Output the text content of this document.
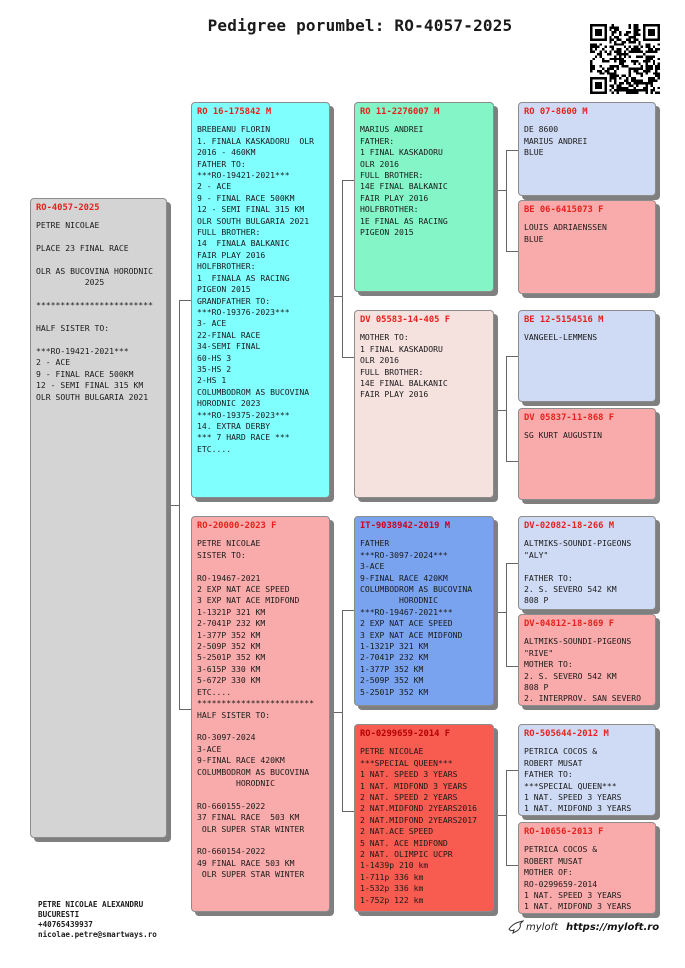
Pedigree porumbel: RO-4057-2025
RO-4057-2025
PETRE NICOLAE

PLACE 23 FINAL RACE

OLR AS BUCOVINA HORODNIC
2025

************************

HALF SISTER TO:

***RO-19421-2021***
2 - ACE
9 - FINAL RACE 500KM
12 - SEMI FINAL 315 KM
OLR SOUTH BULGARIA 2021
RO 16-175842 M
BREBEANU FLORIN
1. FINALA KASKADORU  OLR
2016 - 460KM
FATHER TO:
***RO-19421-2021***
2 - ACE
9 - FINAL RACE 500KM
12 - SEMI FINAL 315 KM
OLR SOUTH BULGARIA 2021
FULL BROTHER:
14  FINALA BALKANIC
FAIR PLAY 2016
HOLFBROTHER:
1  FINALA AS RACING
PIGEON 2015
GRANDFATHER TO:
***RO-19376-2023***
3- ACE
22-FINAL RACE
34-SEMI FINAL
60-HS 3
35-HS 2
2-HS 1
COLUMBODROM AS BUCOVINA
HORODNIC 2023
***RO-19375-2023***
14. EXTRA DERBY
*** 7 HARD RACE ***
ETC....
RO-20000-2023 F
PETRE NICOLAE
SISTER TO:

RO-19467-2021
2 EXP NAT ACE SPEED
3 EXP NAT ACE MIDFOND
1-1321P 321 KM
2-7041P 232 KM
1-377P 352 KM
2-509P 352 KM
5-2501P 352 KM
3-615P 330 KM
5-672P 330 KM
ETC....
************************
HALF SISTER TO:

RO-3097-2024
3-ACE
9-FINAL RACE 420KM
COLUMBODROM AS BUCOVINA
HORODNIC

RO-660155-2022
37 FINAL RACE  503 KM
OLR SUPER STAR WINTER

RO-660154-2022
49 FINAL RACE 503 KM
OLR SUPER STAR WINTER
RO 11-2276007 M
MARIUS ANDREI
FATHER:
1 FINAL KASKADORU
OLR 2016
FULL BROTHER:
14E FINAL BALKANIC
FAIR PLAY 2016
HOLFBROTHER:
1E FINAL AS RACING
PIGEON 2015
DV 05583-14-405 F
MOTHER TO:
1 FINAL KASKADORU
OLR 2016
FULL BROTHER:
14E FINAL BALKANIC
FAIR PLAY 2016
IT-9038942-2019 M
FATHER
***RO-3097-2024***
3-ACE
9-FINAL RACE 420KM
COLUMBODROM AS BUCOVINA
HORODNIC
***RO-19467-2021***
2 EXP NAT ACE SPEED
3 EXP NAT ACE MIDFOND
1-1321P 321 KM
2-7041P 232 KM
1-377P 352 KM
2-509P 352 KM
5-2501P 352 KM
RO-0299659-2014 F
PETRE NICOLAE
***SPECIAL QUEEN***
1 NAT. SPEED 3 YEARS
1 NAT. MIDFOND 3 YEARS
2 NAT. SPEED 2 YEARS
2 NAT.MIDFOND 2YEARS2016
2 NAT.MIDFOND 2YEARS2017
2 NAT.ACE SPEED
5 NAT. ACE MIDFOND
2 NAT. OLIMPIC UCPR
1-1439p 210 km
1-711p 336 km
1-532p 336 km
1-752p 122 km
RO 07-8600 M
DE 8600
MARIUS ANDREI
BLUE
BE 06-6415073 F
LOUIS ADRIAENSSEN
BLUE
BE 12-5154516 M
VANGEEL-LEMMENS
DV 05837-11-868 F
SG KURT AUGUSTIN
DV-02082-18-266 M
ALTMIKS-SOUNDI-PIGEONS
"ALY"

FATHER TO:
2. S. SEVERO 542 KM
808 P
DV-04812-18-869 F
ALTMIKS-SOUNDI-PIGEONS
"RIVE"
MOTHER TO:
2. S. SEVERO 542 KM
808 P
2. INTERPROV. SAN SEVERO
RO-505644-2012 M
PETRICA COCOS &
ROBERT MUSAT
FATHER TO:
***SPECIAL QUEEN***
1 NAT. SPEED 3 YEARS
1 NAT. MIDFOND 3 YEARS
RO-10656-2013 F
PETRICA COCOS &
ROBERT MUSAT
MOTHER OF:
RO-0299659-2014
1 NAT. SPEED 3 YEARS
1 NAT. MIDFOND 3 YEARS
PETRE NICOLAE ALEXANDRU
BUCURESTI
+40765439937
nicolae.petre@smartways.ro
myloft https://myloft.ro
